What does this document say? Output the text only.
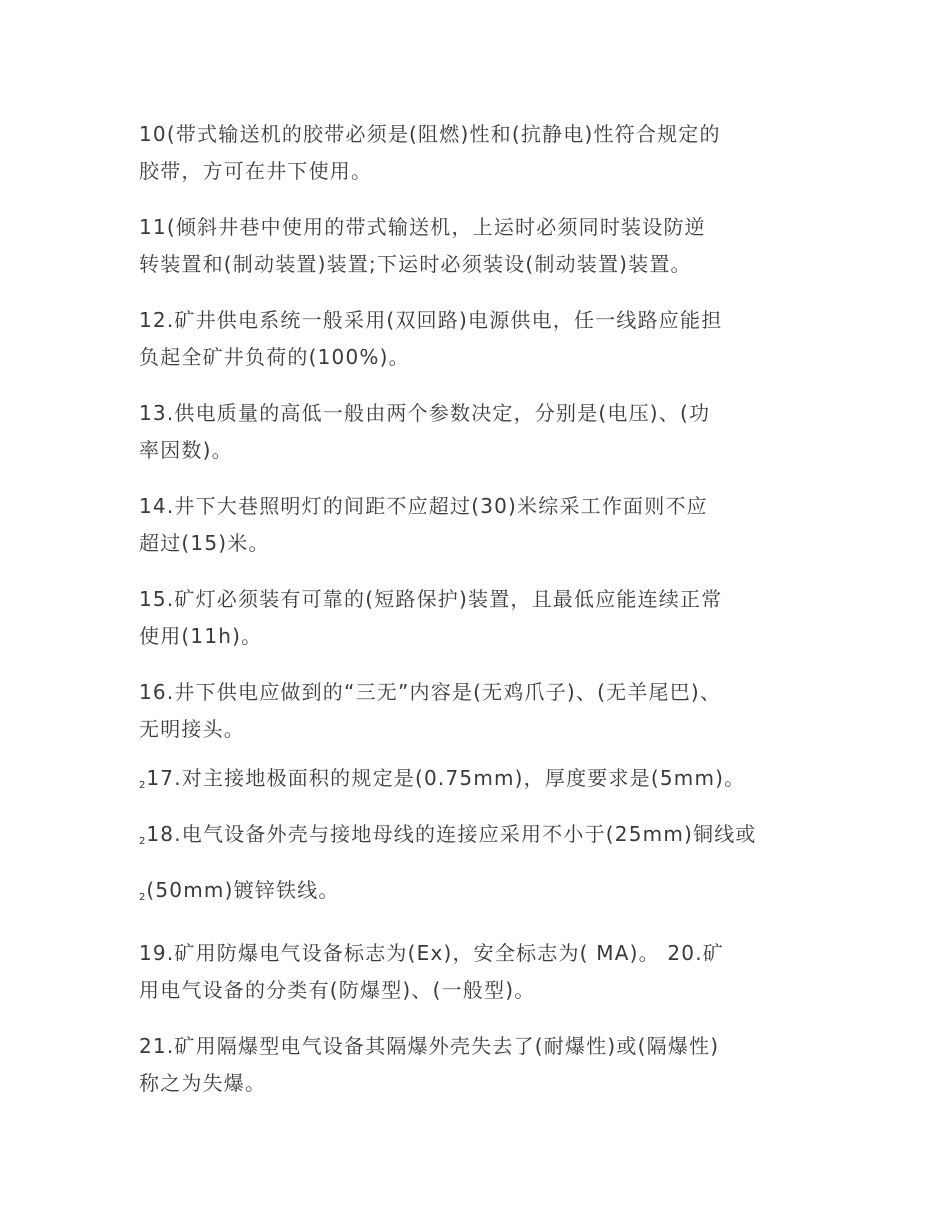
10(带式输送机的胶带必须是(阻燃)性和(抗静电)性符合规定的
胶带，方可在井下使用。

11(倾斜井巷中使用的带式输送机，上运时必须同时装设防逆
转装置和(制动装置)装置;下运时必须装设(制动装置)装置。

12.矿井供电系统一般采用(双回路)电源供电，任一线路应能担
负起全矿井负荷的(100%)。

13.供电质量的高低一般由两个参数决定，分别是(电压)、(功
率因数)。

14.井下大巷照明灯的间距不应超过(30)米综采工作面则不应
超过(15)米。

15.矿灯必须装有可靠的(短路保护)装置，且最低应能连续正常
使用(11h)。

16.井下供电应做到的“三无”内容是(无鸡爪子)、(无羊尾巴)、
无明接头。

$_2$17.对主接地极面积的规定是(0.75mm)，厚度要求是(5mm)。

$_2$18.电气设备外壳与接地母线的连接应采用不小于(25mm)铜线或

$_2$(50mm)镀锌铁线。

19.矿用防爆电气设备标志为(Ex)，安全标志为( MA)。 20.矿
用电气设备的分类有(防爆型)、(一般型)。

21.矿用隔爆型电气设备其隔爆外壳失去了(耐爆性)或(隔爆性)
称之为失爆。
